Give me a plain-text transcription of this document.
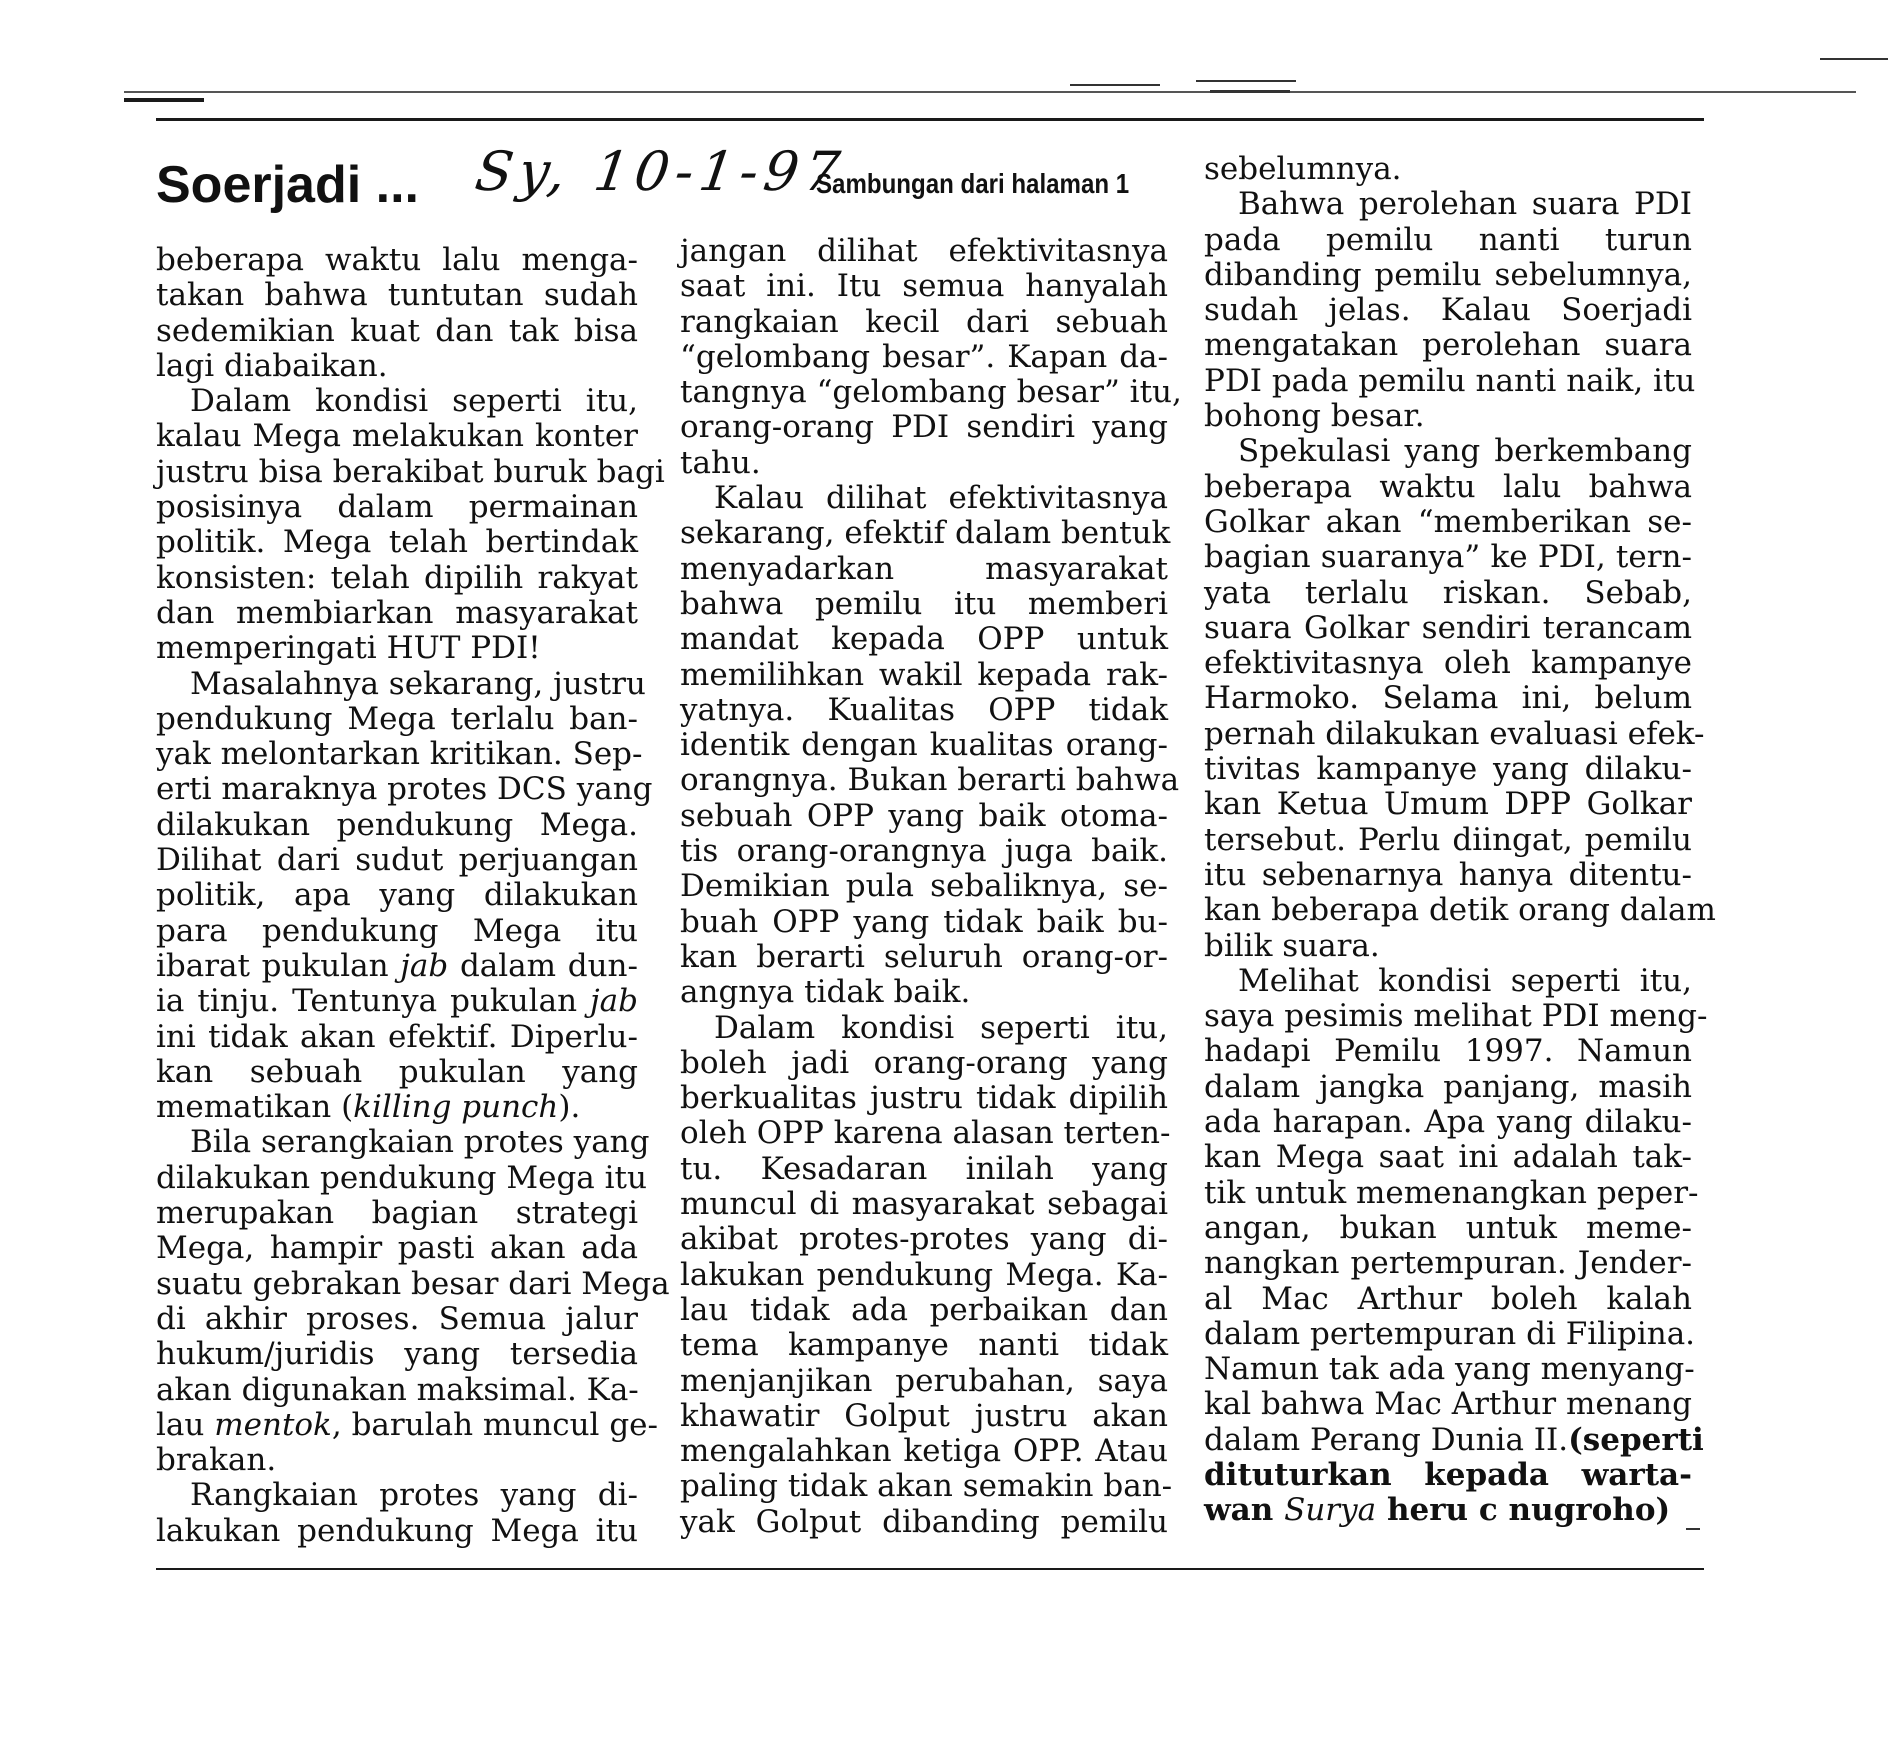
Soerjadi ... Sy, 10-1-97
Sambungan dari halaman 1
beberapa waktu lalu menga-
takan bahwa tuntutan sudah
sedemikian kuat dan tak bisa
lagi diabaikan.
Dalam kondisi seperti itu,
kalau Mega melakukan konter
justru bisa berakibat buruk bagi
posisinya dalam permainan
politik. Mega telah bertindak
konsisten: telah dipilih rakyat
dan membiarkan masyarakat
memperingati HUT PDI!
Masalahnya sekarang, justru
pendukung Mega terlalu ban-
yak melontarkan kritikan. Sep-
erti maraknya protes DCS yang
dilakukan pendukung Mega.
Dilihat dari sudut perjuangan
politik, apa yang dilakukan
para pendukung Mega itu
ibarat pukulan jab dalam dun-
ia tinju. Tentunya pukulan jab
ini tidak akan efektif. Diperlu-
kan sebuah pukulan yang
mematikan (killing punch).
Bila serangkaian protes yang
dilakukan pendukung Mega itu
merupakan bagian strategi
Mega, hampir pasti akan ada
suatu gebrakan besar dari Mega
di akhir proses. Semua jalur
hukum/juridis yang tersedia
akan digunakan maksimal. Ka-
lau mentok, barulah muncul ge-
brakan.
Rangkaian protes yang di-
lakukan pendukung Mega itu
jangan dilihat efektivitasnya
saat ini. Itu semua hanyalah
rangkaian kecil dari sebuah
“gelombang besar”. Kapan da-
tangnya “gelombang besar” itu,
orang-orang PDI sendiri yang
tahu.
Kalau dilihat efektivitasnya
sekarang, efektif dalam bentuk
menyadarkan masyarakat
bahwa pemilu itu memberi
mandat kepada OPP untuk
memilihkan wakil kepada rak-
yatnya. Kualitas OPP tidak
identik dengan kualitas orang-
orangnya. Bukan berarti bahwa
sebuah OPP yang baik otoma-
tis orang-orangnya juga baik.
Demikian pula sebaliknya, se-
buah OPP yang tidak baik bu-
kan berarti seluruh orang-or-
angnya tidak baik.
Dalam kondisi seperti itu,
boleh jadi orang-orang yang
berkualitas justru tidak dipilih
oleh OPP karena alasan terten-
tu. Kesadaran inilah yang
muncul di masyarakat sebagai
akibat protes-protes yang di-
lakukan pendukung Mega. Ka-
lau tidak ada perbaikan dan
tema kampanye nanti tidak
menjanjikan perubahan, saya
khawatir Golput justru akan
mengalahkan ketiga OPP. Atau
paling tidak akan semakin ban-
yak Golput dibanding pemilu
sebelumnya.
Bahwa perolehan suara PDI
pada pemilu nanti turun
dibanding pemilu sebelumnya,
sudah jelas. Kalau Soerjadi
mengatakan perolehan suara
PDI pada pemilu nanti naik, itu
bohong besar.
Spekulasi yang berkembang
beberapa waktu lalu bahwa
Golkar akan “memberikan se-
bagian suaranya” ke PDI, tern-
yata terlalu riskan. Sebab,
suara Golkar sendiri terancam
efektivitasnya oleh kampanye
Harmoko. Selama ini, belum
pernah dilakukan evaluasi efek-
tivitas kampanye yang dilaku-
kan Ketua Umum DPP Golkar
tersebut. Perlu diingat, pemilu
itu sebenarnya hanya ditentu-
kan beberapa detik orang dalam
bilik suara.
Melihat kondisi seperti itu,
saya pesimis melihat PDI meng-
hadapi Pemilu 1997. Namun
dalam jangka panjang, masih
ada harapan. Apa yang dilaku-
kan Mega saat ini adalah tak-
tik untuk memenangkan peper-
angan, bukan untuk meme-
nangkan pertempuran. Jender-
al Mac Arthur boleh kalah
dalam pertempuran di Filipina.
Namun tak ada yang menyang-
kal bahwa Mac Arthur menang
dalam Perang Dunia II.(seperti
dituturkan kepada warta-
wan Surya heru c nugroho)
